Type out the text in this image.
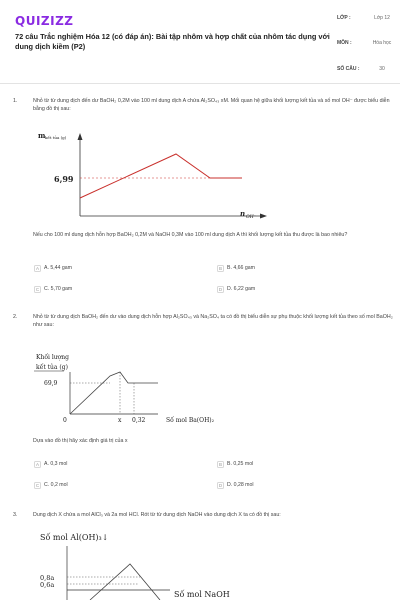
QUIZIZZ
72 câu Trắc nghiệm Hóa 12 (có đáp án): Bài tập nhôm và hợp chất của nhôm tác dụng với dung dịch kiềm (P2)
LỚP :	Lớp 12
MÔN :	Hóa học
SỐ CÂU :	30
1.	Nhỏ từ từ dung dịch đến dư BaOH₂ 0,2M vào 100 ml dung dịch A chứa Al₂SO₄₃ xM. Mối quan hệ giữa khối lượng kết tủa và số mol OH⁻ được biểu diễn bằng đồ thị sau:
m kết tủa (g)
6,99
n OH⁻
Nếu cho 100 ml dung dịch hỗn hợp BaOH₂ 0,2M và NaOH 0,3M vào 100 ml dung dịch A thì khối lượng kết tủa thu được là bao nhiêu?
A A. 5,44 gam	B B. 4,66 gam
C C. 5,70 gam	D D. 6,22 gam
2.	Nhỏ từ từ dung dịch BaOH₂ đến dư vào dung dịch hỗn hợp Al₂SO₄₃ và Na₂SO₄ ta có đồ thị biểu diễn sự phụ thuộc khối lượng kết tủa theo số mol BaOH₂ như sau:
Khối lượng
kết tủa (g)
69,9
0	x 0,32	Số mol Ba(OH)₂
Dựa vào đồ thị hãy xác định giá trị của x
A A. 0,3 mol	B B. 0,25 mol
C C. 0,2 mol	D D. 0,28 mol
3.	Dung dịch X chứa a mol AlCl₃ và 2a mol HCl. Rót từ từ dung dịch NaOH vào dung dịch X ta có đồ thị sau:
Số mol Al(OH)₃↓
0,8a
0,6a
Số mol NaOH
